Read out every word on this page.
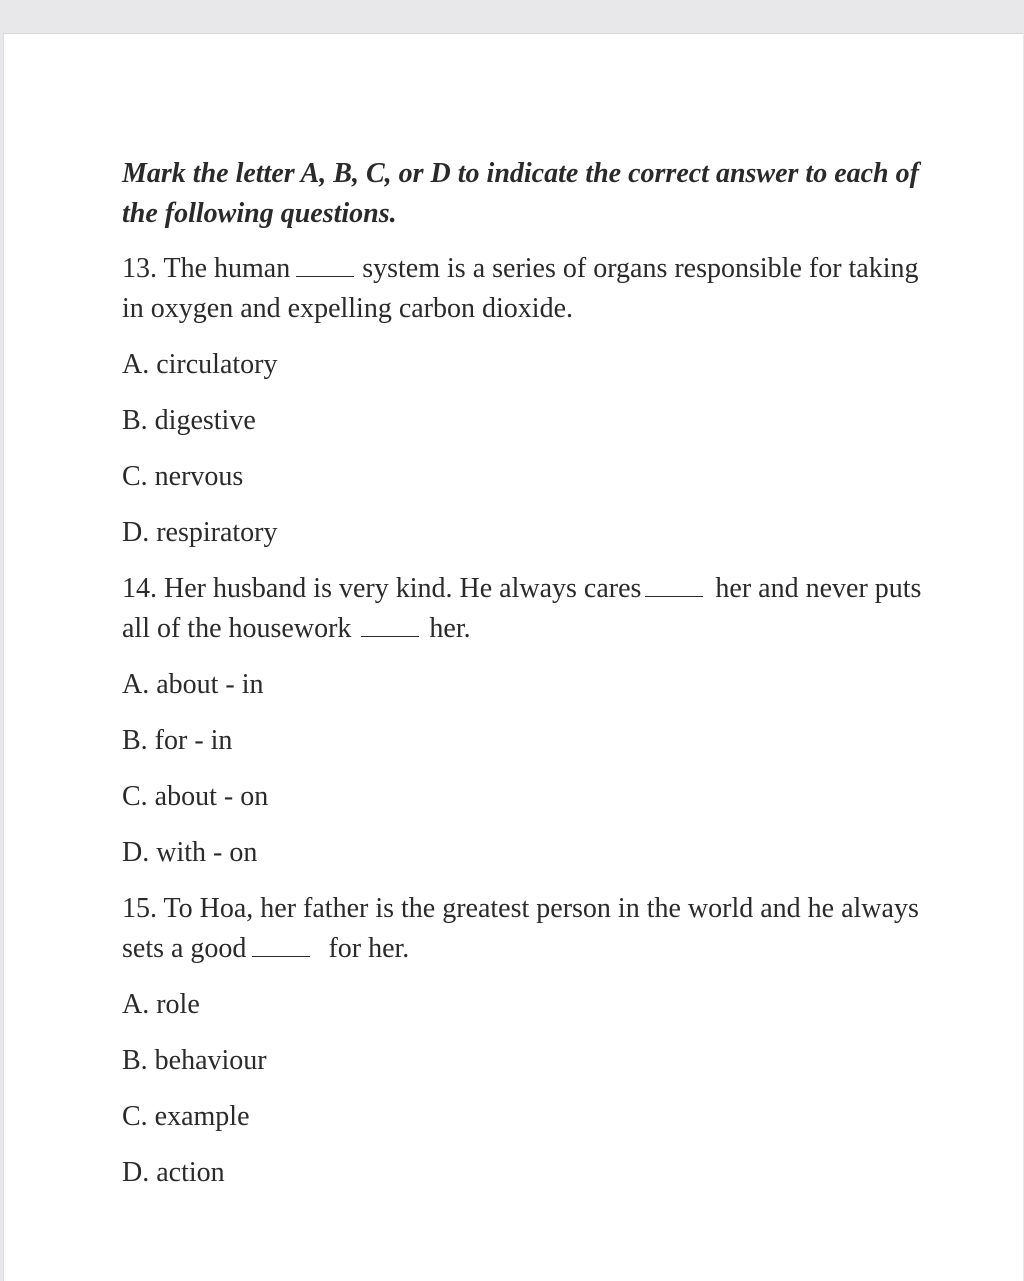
Mark the letter A, B, C, or D to indicate the correct answer to each of the following questions.

13. The human	system is a series of organs responsible for taking in oxygen and expelling carbon dioxide.

A. circulatory
B. digestive
C. nervous
D. respiratory

14. Her husband is very kind. He always cares	her and never puts all of the housework	her.

A. about - in
B. for - in
C. about - on
D. with - on

15. To Hoa, her father is the greatest person in the world and he always sets a good	for her.

A. role
B. behaviour
C. example
D. action
